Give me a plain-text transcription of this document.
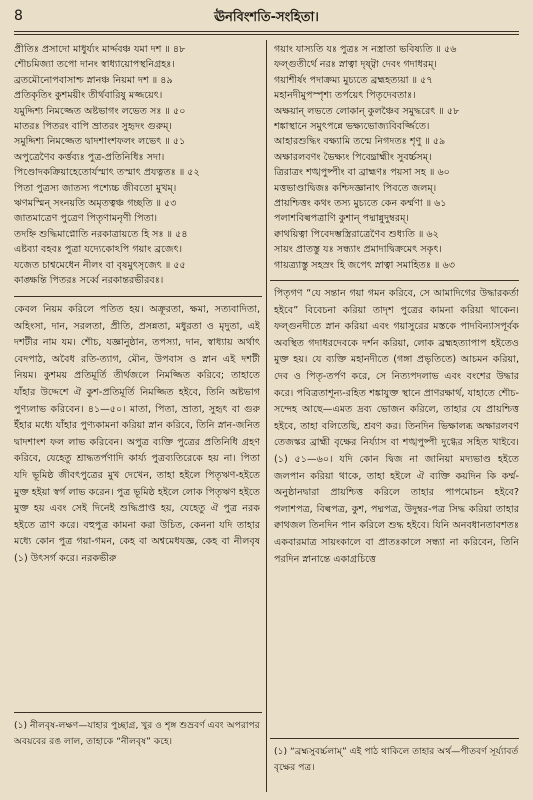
8	ঊনবিংশতি-সংহিতা।
প্রীতিঃ প্রসাদো মাধুর্য্যং মার্দ্দবঞ্চ যমা দশ ॥ ৪৮
শৌচমিজ্যা তপো দানং স্বাধ্যায়োপস্থনিগ্রহঃ।
ব্রতমৌনোপবাসাশ্চ স্নানঞ্চ নিয়মা দশ ॥ ৪৯
প্রতিকৃতিং কুশময়ীং তীর্থবারিষু মজ্জয়েৎ।
যমুদ্দিশ্য নিমজ্জেত অষ্টভাগং লভেত সঃ ॥ ৫০
মাতরঃ পিতরং বাপি ভ্রাতরং সুহৃদং গুরুম্।
সমুদ্দিশ্য নিমজ্জেত দ্বাদশাংশফলং লভেৎ ॥ ৫১
অপুত্রেণৈব কর্ত্তব্যঃ পুত্র-প্রতিনিধিঃ সদা।
পিণ্ডোদকক্রিয়াহেতোর্যস্মাৎ তস্মাৎ প্রযত্নতঃ ॥ ৫২
পিতা পুত্রস্য জাতস্য পশ্যেচ্চ জীবতো মুখম্।
ঋণমস্মিন্ সংনয়তি অমৃতত্বঞ্চ গচ্ছতি ॥ ৫৩
জাতমাত্রেণ পুত্রেণ পিতৃণামনৃণী পিতা।
তদহ্নি শুদ্ধিমাপ্নোতি নরকাত্রায়তে হি সঃ ॥ ৫৪
এষ্টব্যা বহবঃ পুত্রা যদ্যেকোঽপি গয়াং ব্রজেৎ।
যজেত চাশ্বমেধেন নীলং বা বৃষমুৎসৃজেৎ ॥ ৫৫
কাঙ্ক্ষন্তি পিতরঃ সর্ব্বে নরকান্তরভীরবঃ।
কেবল নিয়ম করিলে পতিত হয়। অক্রূরতা, ক্ষমা, সত্যবাদিতা, অহিংসা, দান, সরলতা, প্রীতি, প্রসন্নতা, মধুরতা ও মৃদুতা, এই দশটীর নাম যম। শৌচ, যজ্ঞানুষ্ঠান, তপস্যা, দান, স্বাধ্যায় অর্থাৎ বেদপাঠ, অবৈধ রতি-ত্যাগ, মৌন, উপবাস ও স্নান এই দশটী নিয়ম। কুশময় প্রতিমূর্তি তীর্থজলে নিমজ্জিত করিবে; তাহাতে যাঁহার উদ্দেশে ঐ কুশ-প্রতিমূর্তি নিমজ্জিত হইবে, তিনি অষ্টভাগ পুণ্যলাভ করিবেন। ৪১—৫০। মাতা, পিতা, ভ্রাতা, সুহৃৎ বা গুরু ইঁহার মধ্যে যাঁহার পুণ্যকামনা করিয়া স্নান করিবে, তিনি স্নান-জনিত দ্বাদশাংশ ফল লাভ করিবেন। অপুত্র ব্যক্তি পুত্রের প্রতিনিধি গ্রহণ করিবে, যেহেতু শ্রাদ্ধতর্পণাদি কার্য্য পুত্রব্যতিরেকে হয় না। পিতা যদি ভূমিষ্ঠ জীবৎপুত্রের মুখ দেখেন, তাহা হইলে পিতৃঋণ-হইতে মুক্ত হইয়া স্বর্গ লাভ করেন। পুত্র ভূমিষ্ঠ হইলে লোক পিতৃঋণ হইতে মুক্ত হয় এবং সেই দিনেই শুদ্ধিপ্রাপ্ত হয়, যেহেতু ঐ পুত্র নরক হইতে ত্রাণ করে। বহুপুত্র কামনা করা উচিত, কেননা যদি তাহার মধ্যে কোন পুত্র গয়া-গমন, কেহ বা অশ্বমেধযজ্ঞ, কেহ বা নীলবৃষ (১) উৎসর্গ করে। নরকভীরু
(১) নীলবৃষ-লক্ষণ—যাহার পুচ্ছাগ্র, খুর ও শৃঙ্গ শুভ্রবর্ণ এবং অপরাপর অবয়বের রঙ লাল, তাহাকে “নীলবৃষ” কহে।
গয়াং যাস্যতি যঃ পুত্রঃ স নস্ত্রাতা ভবিষ্যতি ॥ ৫৬
ফল্গুতীর্থে নরঃ স্নাত্বা দৃষ্ট্বা দেবং গদাধরম্।
গয়াশীর্ষং পদাক্রম্য মুচ্যতে ব্রহ্মহত্যয়া ॥ ৫৭
মহানদীমুপস্পৃশ্য তর্পয়েৎ পিতৃদেবতাঃ।
অক্ষয়ান্ লভতে লোকান্ কুলঞ্চৈব সমুদ্ধরেৎ ॥ ৫৮
শঙ্কাস্থানে সমুৎপন্নে ভক্ষ্যভোজ্যবিবর্জ্জিতে।
আহারশুদ্ধিং বক্ষ্যামি তন্মে নিগদতঃ শৃণু ॥ ৫৯
অক্ষারলবণং ভৈক্ষ্যং পিবেদ্ব্রাহ্মীং সুবর্চ্চসম্।
ত্রিরাত্রং শঙ্খপুষ্পীং বা ব্রাহ্মণঃ পয়সা সহ ॥ ৬০
মত্তভাণ্ডাদ্বিজঃ কশ্চিদজ্ঞানাৎ পিবতে জলম্।
প্রায়শ্চিত্তং কথং তস্য মুচ্যতে কেন কর্ম্মণা ॥ ৬১
পলাশবিল্বপত্রাণি কুশান্ পদ্মান্নুদুম্বরম্।
ক্বাথয়িত্বা পিবেদম্ভস্ত্রিরাত্রেণৈব শুধ্যতি ॥ ৬২
সায়ং প্রাতস্তু যঃ সন্ধ্যাং প্রমাদাদ্বিক্রমেৎ সকৃৎ।
গায়ত্র্যাস্তু সহস্রং হি জপেৎ স্নাত্বা সমাহিতঃ ॥ ৬৩
পিতৃগণ “যে সন্তান গয়া গমন করিবে, সে আমাদিগের উদ্ধারকর্তা হইবে” বিবেচনা করিয়া তাদৃশ পুত্রের কামনা করিয়া থাকেন। ফল্গুনদীতে স্নান করিয়া এবং গয়াসুরের মস্তকে পাদবিন্যাসপূর্বক অবস্থিত গদাধরদেবকে দর্শন করিয়া, লোক ব্রহ্মহত্যাপাপ হইতেও মুক্ত হয়। যে ব্যক্তি মহানদীতে (গঙ্গা প্রভৃতিতে) আচমন করিয়া, দেব ও পিতৃ-তর্পণ করে, সে নিত্যপদলাভ এবং বংশের উদ্ধার করে। পবিত্রতাশূন্য-রহিত শঙ্কাযুক্ত স্থানে প্রাণরক্ষার্থ, যাহাতে শৌচ-সন্দেহ আছে—এমত দ্রব্য ভোজন করিলে, তাহার যে প্রায়শ্চিত্ত হইবে, তাহা বলিতেছি, শ্রবণ কর। তিনদিন ভিক্ষালব্ধ অক্ষারলবণ তেজস্কর ব্রাহ্মী বৃক্ষের নির্য্যাস বা শঙ্খপুষ্পী দুগ্ধের সহিত খাইবে।(১) ৫১—৬০। যদি কোন দ্বিজ না জানিয়া মদ্যভাণ্ড হইতে জলপান করিয়া থাকে, তাহা হইলে ঐ ব্যক্তি কয়দিন কি কর্ম্ম-অনুষ্ঠানদ্বারা প্রায়শ্চিত্ত করিলে তাহার পাপমোচন হইবে? পলাশপত্র, বিল্বপত্র, কুশ, পদ্মপত্র, উদুম্বর-পত্র সিদ্ধ করিয়া তাহার ক্বাথজল তিনদিন পান করিলে শুদ্ধ হইবে। যিনি অনবধানতাবশতঃ একবারমাত্র সায়ংকালে বা প্রাতঃকালে সন্ধ্যা না করিবেন, তিনি পরদিন স্নানান্তে একাগ্রচিত্তে
(১) “ব্রহ্মসুবর্চ্চলাম্” এই পাঠ থাকিলে তাহার অর্থ—পীতবর্ণ সূর্য্যাবর্ত বৃক্ষের পত্র।
